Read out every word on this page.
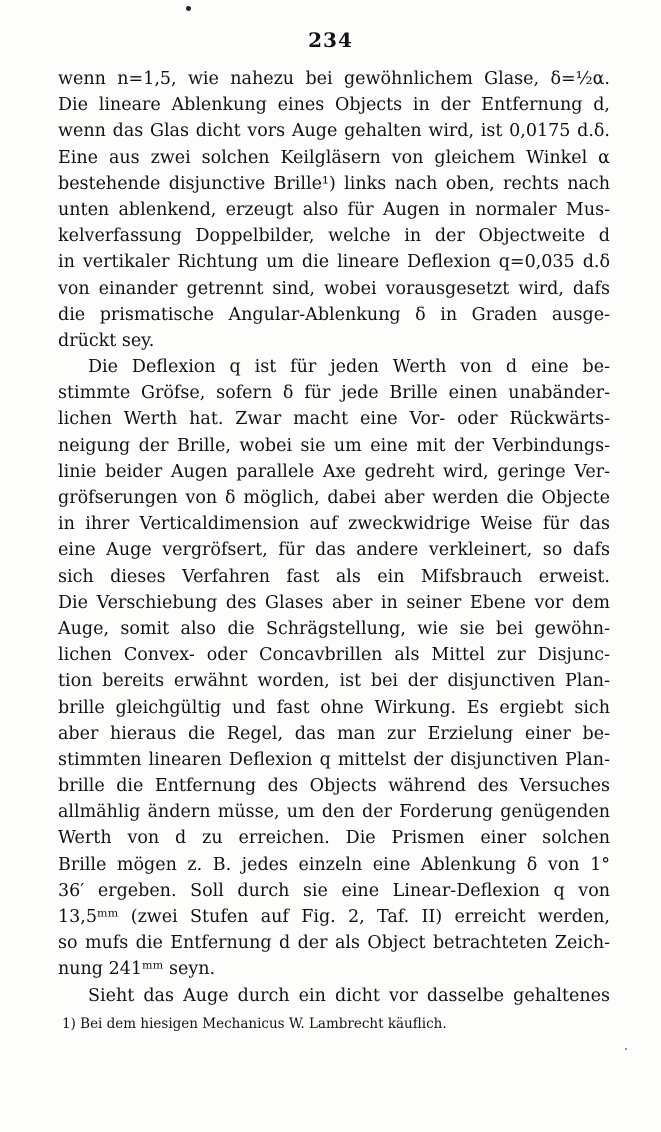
234
wenn n=1,5, wie nahezu bei gewöhnlichem Glase, δ=½α.
Die lineare Ablenkung eines Objects in der Entfernung d,
wenn das Glas dicht vors Auge gehalten wird, ist 0,0175 d.δ.
Eine aus zwei solchen Keilgläsern von gleichem Winkel α
bestehende disjunctive Brille¹) links nach oben, rechts nach
unten ablenkend, erzeugt also für Augen in normaler Mus-
kelverfassung Doppelbilder, welche in der Objectweite d
in vertikaler Richtung um die lineare Deflexion q=0,035 d.δ
von einander getrennt sind, wobei vorausgesetzt wird, dafs
die prismatische Angular-Ablenkung δ in Graden ausge-
drückt sey.
Die Deflexion q ist für jeden Werth von d eine be-
stimmte Gröfse, sofern δ für jede Brille einen unabänder-
lichen Werth hat. Zwar macht eine Vor- oder Rückwärts-
neigung der Brille, wobei sie um eine mit der Verbindungs-
linie beider Augen parallele Axe gedreht wird, geringe Ver-
gröfserungen von δ möglich, dabei aber werden die Objecte
in ihrer Verticaldimension auf zweckwidrige Weise für das
eine Auge vergröfsert, für das andere verkleinert, so dafs
sich dieses Verfahren fast als ein Mifsbrauch erweist.
Die Verschiebung des Glases aber in seiner Ebene vor dem
Auge, somit also die Schrägstellung, wie sie bei gewöhn-
lichen Convex- oder Concavbrillen als Mittel zur Disjunc-
tion bereits erwähnt worden, ist bei der disjunctiven Plan-
brille gleichgültig und fast ohne Wirkung. Es ergiebt sich
aber hieraus die Regel, das man zur Erzielung einer be-
stimmten linearen Deflexion q mittelst der disjunctiven Plan-
brille die Entfernung des Objects während des Versuches
allmählig ändern müsse, um den der Forderung genügenden
Werth von d zu erreichen. Die Prismen einer solchen
Brille mögen z. B. jedes einzeln eine Ablenkung δ von 1°
36′ ergeben. Soll durch sie eine Linear-Deflexion q von
13,5ᵐᵐ (zwei Stufen auf Fig. 2, Taf. II) erreicht werden,
so mufs die Entfernung d der als Object betrachteten Zeich-
nung 241ᵐᵐ seyn.
Sieht das Auge durch ein dicht vor dasselbe gehaltenes
1) Bei dem hiesigen Mechanicus W. Lambrecht käuflich.
